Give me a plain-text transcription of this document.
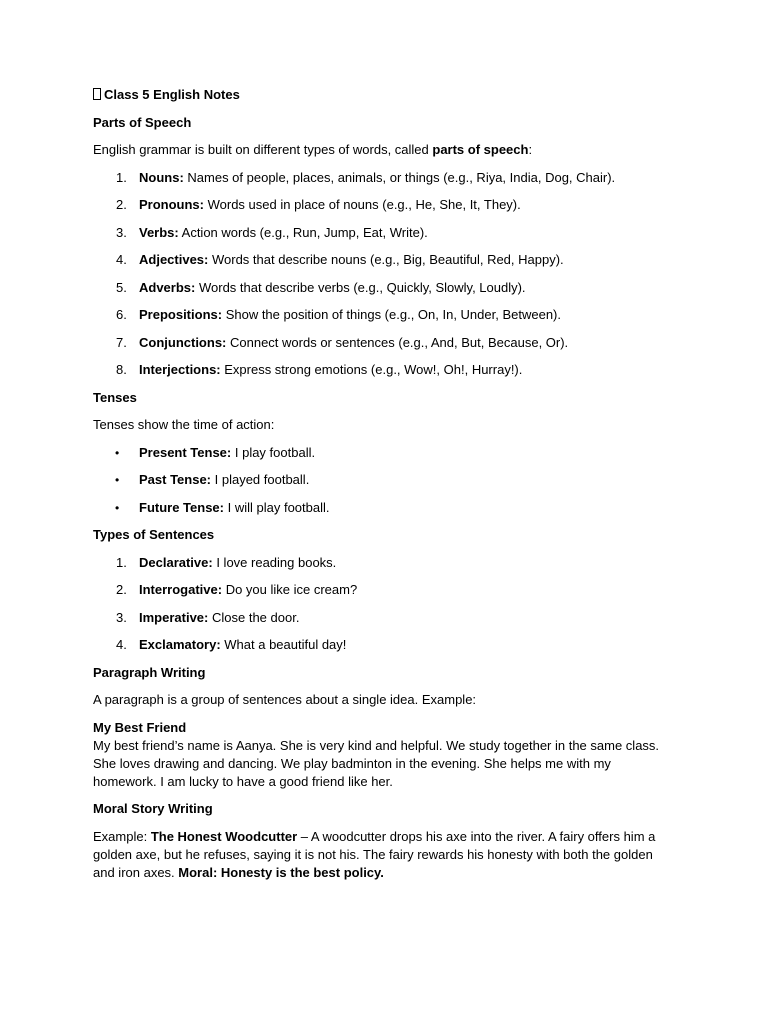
Class 5 English Notes
Parts of Speech
English grammar is built on different types of words, called parts of speech:
1. Nouns: Names of people, places, animals, or things (e.g., Riya, India, Dog, Chair).
2. Pronouns: Words used in place of nouns (e.g., He, She, It, They).
3. Verbs: Action words (e.g., Run, Jump, Eat, Write).
4. Adjectives: Words that describe nouns (e.g., Big, Beautiful, Red, Happy).
5. Adverbs: Words that describe verbs (e.g., Quickly, Slowly, Loudly).
6. Prepositions: Show the position of things (e.g., On, In, Under, Between).
7. Conjunctions: Connect words or sentences (e.g., And, But, Because, Or).
8. Interjections: Express strong emotions (e.g., Wow!, Oh!, Hurray!).
Tenses
Tenses show the time of action:
• Present Tense: I play football.
• Past Tense: I played football.
• Future Tense: I will play football.
Types of Sentences
1. Declarative: I love reading books.
2. Interrogative: Do you like ice cream?
3. Imperative: Close the door.
4. Exclamatory: What a beautiful day!
Paragraph Writing
A paragraph is a group of sentences about a single idea. Example:
My Best Friend
My best friend’s name is Aanya. She is very kind and helpful. We study together in the same class. She loves drawing and dancing. We play badminton in the evening. She helps me with my homework. I am lucky to have a good friend like her.
Moral Story Writing
Example: The Honest Woodcutter – A woodcutter drops his axe into the river. A fairy offers him a golden axe, but he refuses, saying it is not his. The fairy rewards his honesty with both the golden and iron axes. Moral: Honesty is the best policy.
